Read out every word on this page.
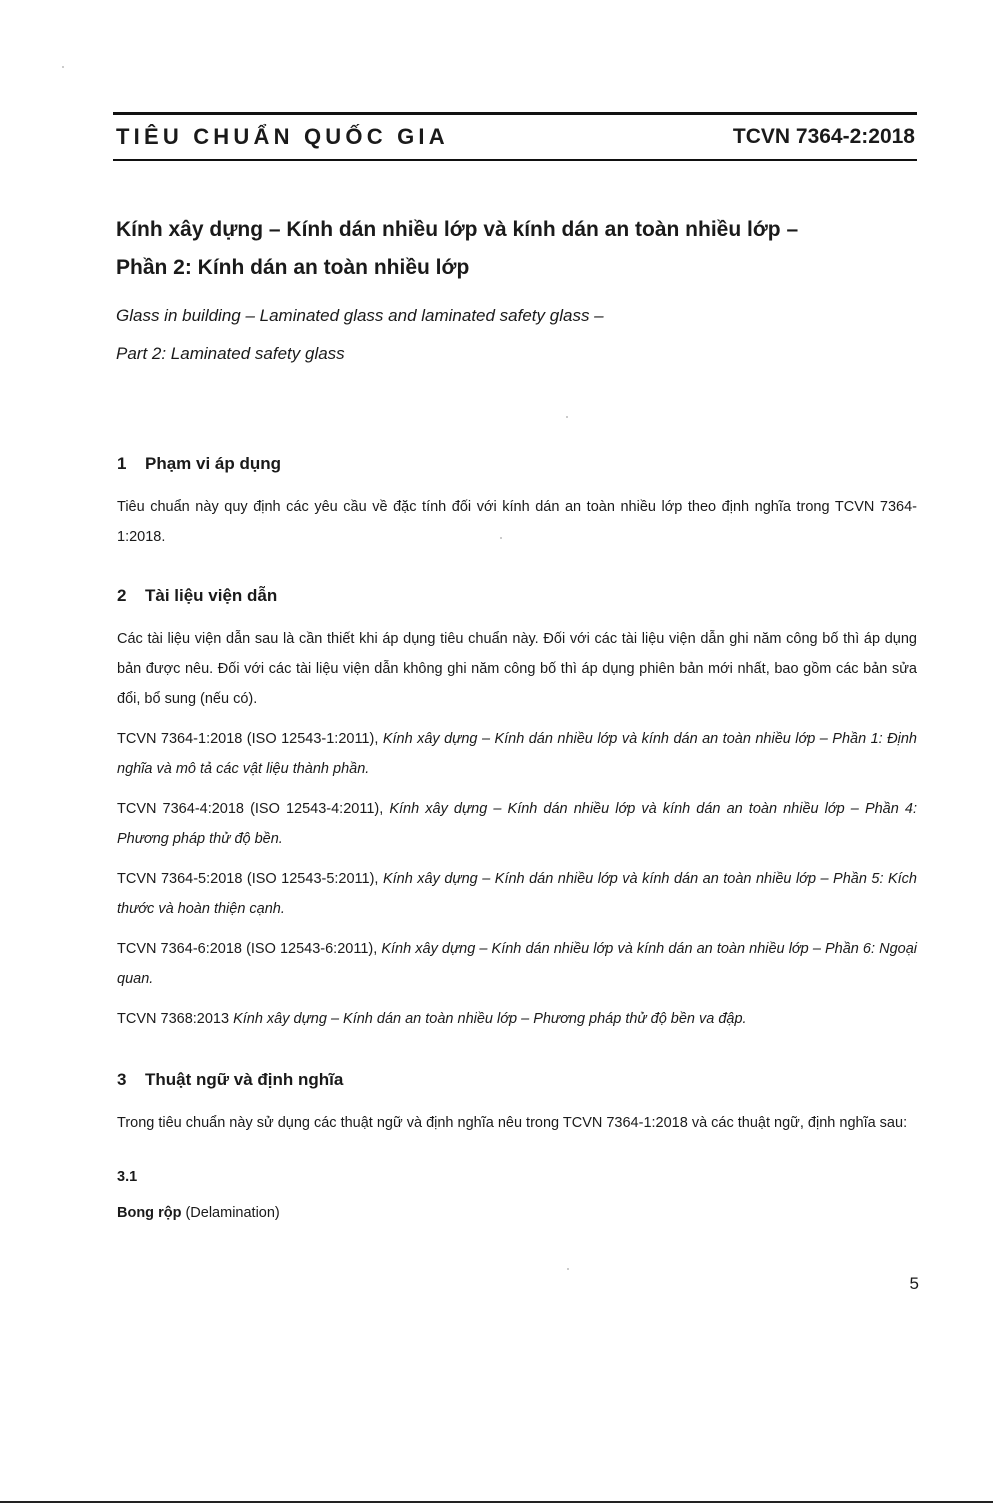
TIÊU CHUẨN QUỐC GIA	TCVN 7364-2:2018
Kính xây dựng – Kính dán nhiều lớp và kính dán an toàn nhiều lớp –
Phần 2: Kính dán an toàn nhiều lớp
Glass in building – Laminated glass and laminated safety glass –
Part 2: Laminated safety glass

1 Phạm vi áp dụng

Tiêu chuẩn này quy định các yêu cầu về đặc tính đối với kính dán an toàn nhiều lớp theo định nghĩa trong TCVN 7364-1:2018.

2 Tài liệu viện dẫn

Các tài liệu viện dẫn sau là cần thiết khi áp dụng tiêu chuẩn này. Đối với các tài liệu viện dẫn ghi năm công bố thì áp dụng bản được nêu. Đối với các tài liệu viện dẫn không ghi năm công bố thì áp dụng phiên bản mới nhất, bao gồm các bản sửa đổi, bổ sung (nếu có).

TCVN 7364-1:2018 (ISO 12543-1:2011), Kính xây dựng – Kính dán nhiều lớp và kính dán an toàn nhiều lớp – Phần 1: Định nghĩa và mô tả các vật liệu thành phần.

TCVN 7364-4:2018 (ISO 12543-4:2011), Kính xây dựng – Kính dán nhiều lớp và kính dán an toàn nhiều lớp – Phần 4: Phương pháp thử độ bền.

TCVN 7364-5:2018 (ISO 12543-5:2011), Kính xây dựng – Kính dán nhiều lớp và kính dán an toàn nhiều lớp – Phần 5: Kích thước và hoàn thiện cạnh.

TCVN 7364-6:2018 (ISO 12543-6:2011), Kính xây dựng – Kính dán nhiều lớp và kính dán an toàn nhiều lớp – Phần 6: Ngoại quan.

TCVN 7368:2013 Kính xây dựng – Kính dán an toàn nhiều lớp – Phương pháp thử độ bền va đập.

3 Thuật ngữ và định nghĩa

Trong tiêu chuẩn này sử dụng các thuật ngữ và định nghĩa nêu trong TCVN 7364-1:2018 và các thuật ngữ, định nghĩa sau:

3.1

Bong rộp (Delamination)

5
